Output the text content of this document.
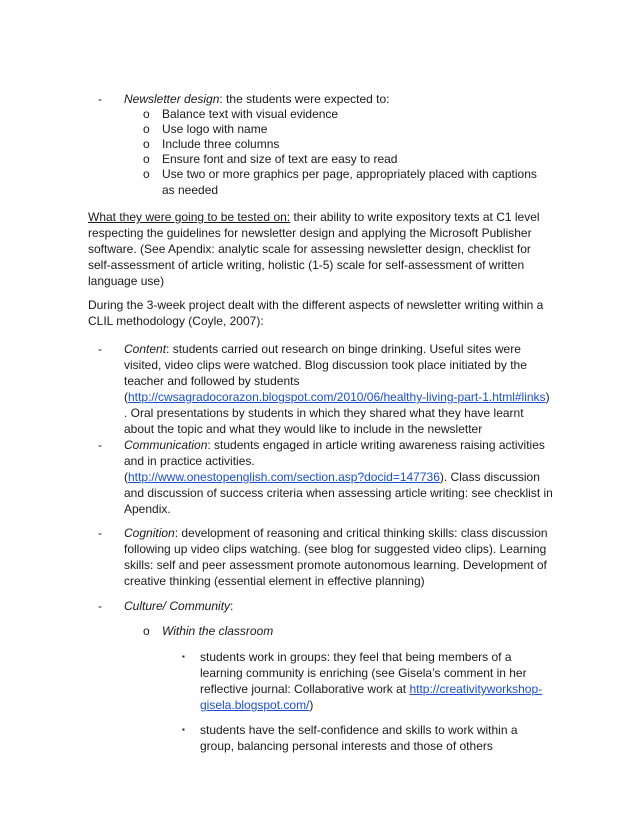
- Newsletter design: the students were expected to:
o Balance text with visual evidence
o Use logo with name
o Include three columns
o Ensure font and size of text are easy to read
o Use two or more graphics per page, appropriately placed with captions as needed
What they were going to be tested on: their ability to write expository texts at C1 level respecting the guidelines for newsletter design and applying the Microsoft Publisher software. (See Apendix: analytic scale for assessing newsletter design, checklist for self-assessment of article writing, holistic (1-5) scale for self-assessment of written language use)
During the 3-week project dealt with the different aspects of newsletter writing within a CLIL methodology (Coyle, 2007):
- Content: students carried out research on binge drinking. Useful sites were visited, video clips were watched. Blog discussion took place initiated by the teacher and followed by students (http://cwsagradocorazon.blogspot.com/2010/06/healthy-living-part-1.html#links) . Oral presentations by students in which they shared what they have learnt about the topic and what they would like to include in the newsletter
- Communication: students engaged in article writing awareness raising activities and in practice activities.
(http://www.onestopenglish.com/section.asp?docid=147736). Class discussion and discussion of success criteria when assessing article writing: see checklist in Apendix.
- Cognition: development of reasoning and critical thinking skills: class discussion following up video clips watching. (see blog for suggested video clips). Learning skills: self and peer assessment promote autonomous learning. Development of creative thinking (essential element in effective planning)
- Culture/ Community:
o Within the classroom
▪ students work in groups: they feel that being members of a learning community is enriching (see Gisela’s comment in her reflective journal: Collaborative work at http://creativityworkshop-gisela.blogspot.com/)
▪ students have the self-confidence and skills to work within a group, balancing personal interests and those of others
